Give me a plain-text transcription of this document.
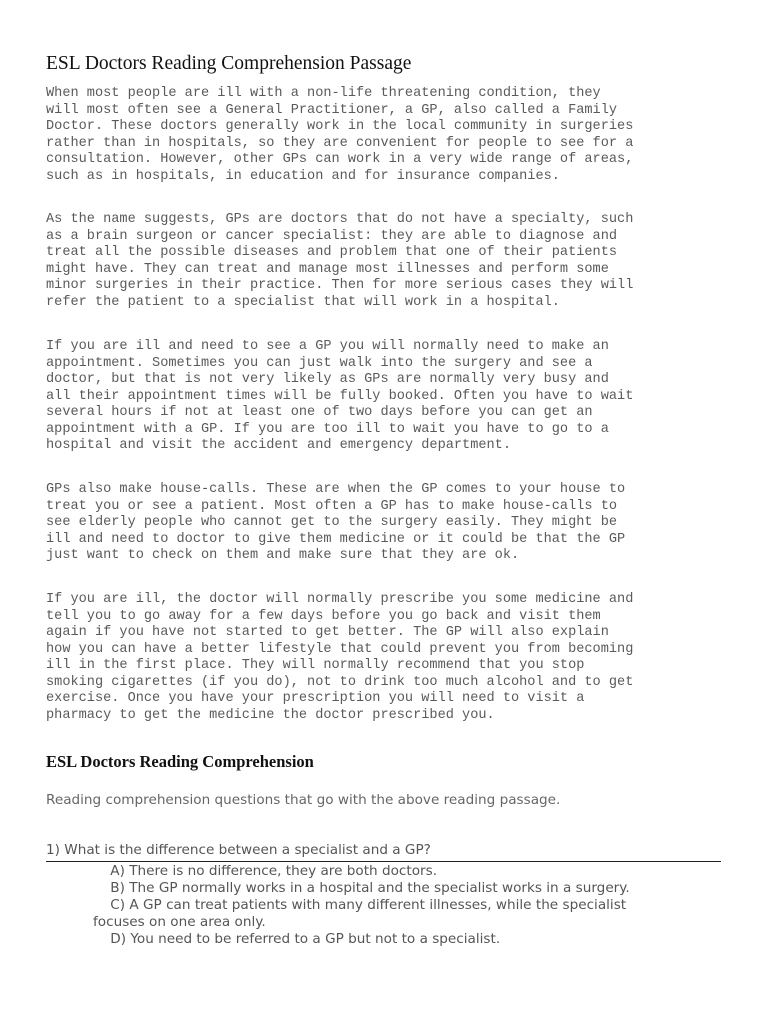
ESL Doctors Reading Comprehension Passage

When most people are ill with a non-life threatening condition, they
will most often see a General Practitioner, a GP, also called a Family
Doctor. These doctors generally work in the local community in surgeries
rather than in hospitals, so they are convenient for people to see for a
consultation. However, other GPs can work in a very wide range of areas,
such as in hospitals, in education and for insurance companies.

As the name suggests, GPs are doctors that do not have a specialty, such
as a brain surgeon or cancer specialist: they are able to diagnose and
treat all the possible diseases and problem that one of their patients
might have. They can treat and manage most illnesses and perform some
minor surgeries in their practice. Then for more serious cases they will
refer the patient to a specialist that will work in a hospital.

If you are ill and need to see a GP you will normally need to make an
appointment. Sometimes you can just walk into the surgery and see a
doctor, but that is not very likely as GPs are normally very busy and
all their appointment times will be fully booked. Often you have to wait
several hours if not at least one of two days before you can get an
appointment with a GP. If you are too ill to wait you have to go to a
hospital and visit the accident and emergency department.

GPs also make house-calls. These are when the GP comes to your house to
treat you or see a patient. Most often a GP has to make house-calls to
see elderly people who cannot get to the surgery easily. They might be
ill and need to doctor to give them medicine or it could be that the GP
just want to check on them and make sure that they are ok.

If you are ill, the doctor will normally prescribe you some medicine and
tell you to go away for a few days before you go back and visit them
again if you have not started to get better. The GP will also explain
how you can have a better lifestyle that could prevent you from becoming
ill in the first place. They will normally recommend that you stop
smoking cigarettes (if you do), not to drink too much alcohol and to get
exercise. Once you have your prescription you will need to visit a
pharmacy to get the medicine the doctor prescribed you.

ESL Doctors Reading Comprehension

Reading comprehension questions that go with the above reading passage.

1) What is the difference between a specialist and a GP?
A) There is no difference, they are both doctors.
B) The GP normally works in a hospital and the specialist works in a surgery.
C) A GP can treat patients with many different illnesses, while the specialist
focuses on one area only.
D) You need to be referred to a GP but not to a specialist.
